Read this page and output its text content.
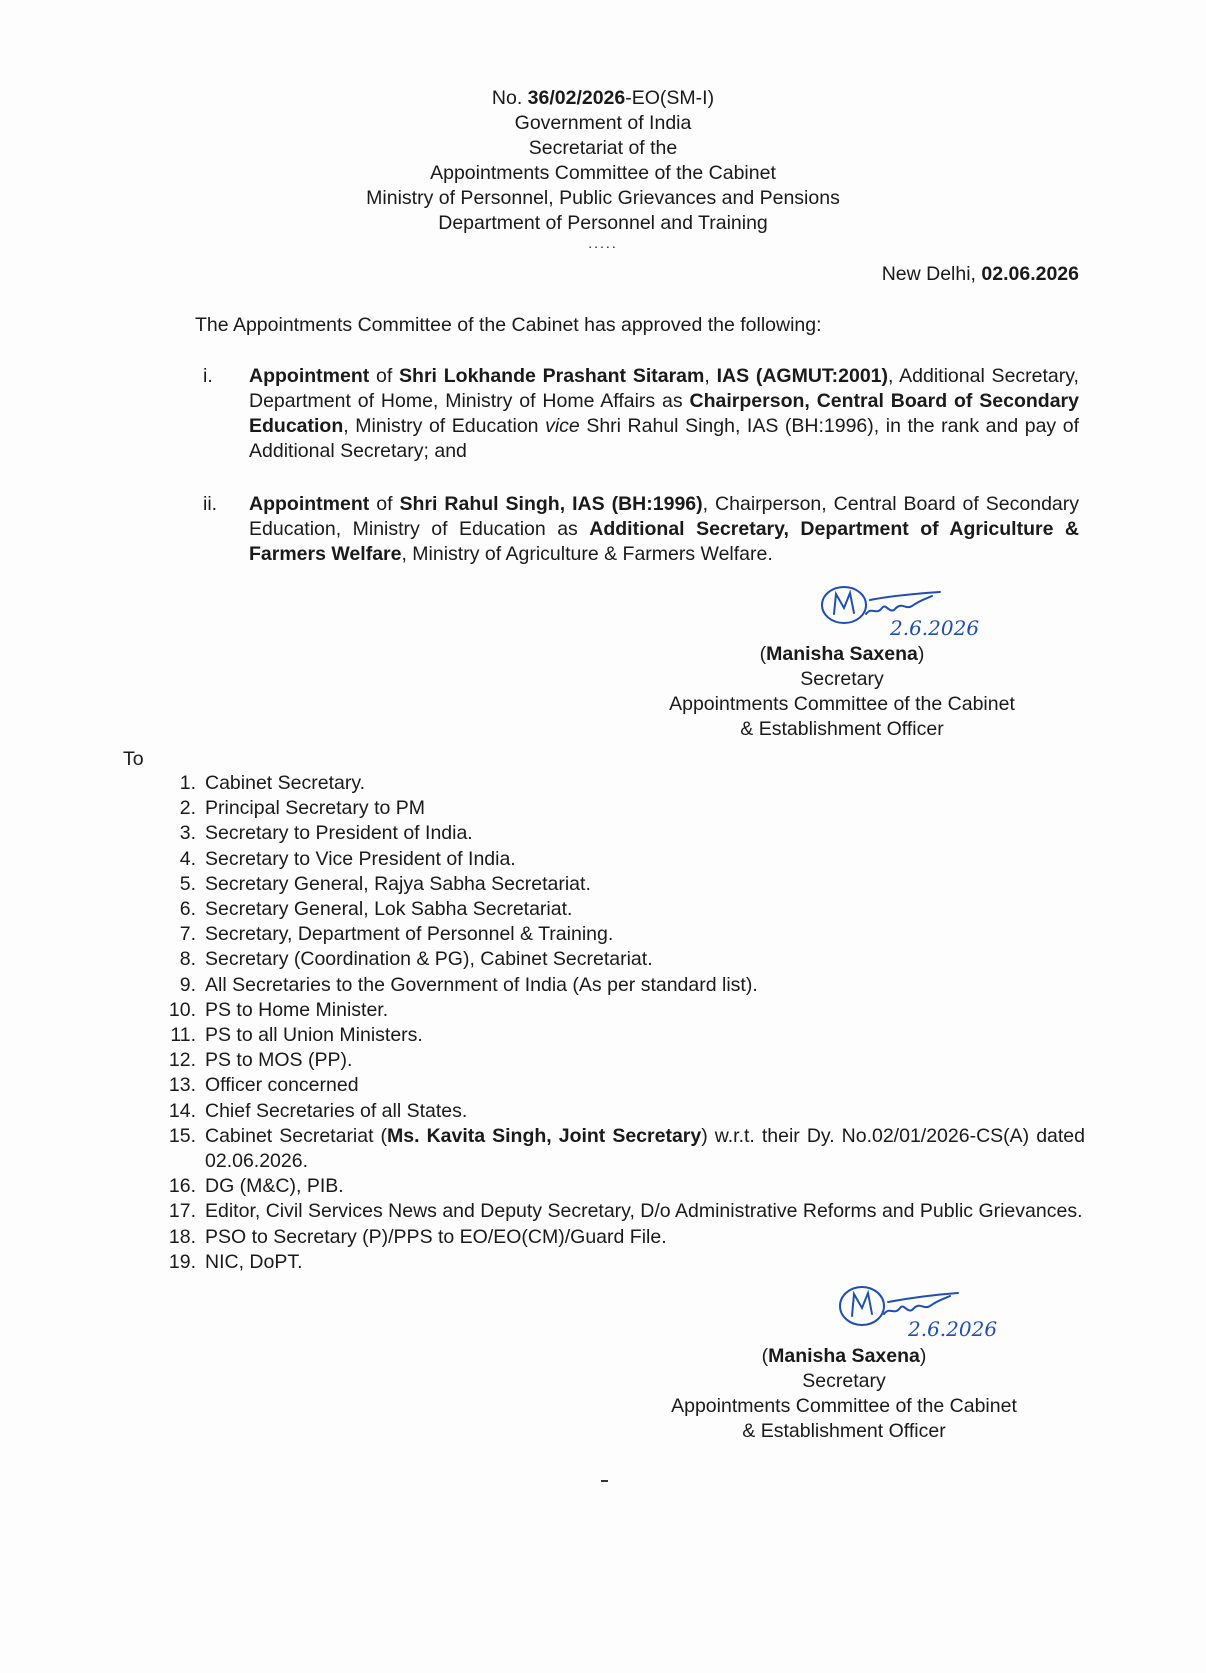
No. 36/02/2026-EO(SM-I)
Government of India
Secretariat of the
Appointments Committee of the Cabinet
Ministry of Personnel, Public Grievances and Pensions
Department of Personnel and Training
.....
New Delhi, 02.06.2026
The Appointments Committee of the Cabinet has approved the following:
i. Appointment of Shri Lokhande Prashant Sitaram, IAS (AGMUT:2001), Additional Secretary, Department of Home, Ministry of Home Affairs as Chairperson, Central Board of Secondary Education, Ministry of Education vice Shri Rahul Singh, IAS (BH:1996), in the rank and pay of Additional Secretary; and
ii. Appointment of Shri Rahul Singh, IAS (BH:1996), Chairperson, Central Board of Secondary Education, Ministry of Education as Additional Secretary, Department of Agriculture & Farmers Welfare, Ministry of Agriculture & Farmers Welfare.
2.6.2026
(Manisha Saxena)
Secretary
Appointments Committee of the Cabinet
& Establishment Officer
To
1. Cabinet Secretary.
2. Principal Secretary to PM
3. Secretary to President of India.
4. Secretary to Vice President of India.
5. Secretary General, Rajya Sabha Secretariat.
6. Secretary General, Lok Sabha Secretariat.
7. Secretary, Department of Personnel & Training.
8. Secretary (Coordination & PG), Cabinet Secretariat.
9. All Secretaries to the Government of India (As per standard list).
10. PS to Home Minister.
11. PS to all Union Ministers.
12. PS to MOS (PP).
13. Officer concerned
14. Chief Secretaries of all States.
15. Cabinet Secretariat (Ms. Kavita Singh, Joint Secretary) w.r.t. their Dy. No.02/01/2026-CS(A) dated 02.06.2026.
16. DG (M&C), PIB.
17. Editor, Civil Services News and Deputy Secretary, D/o Administrative Reforms and Public Grievances.
18. PSO to Secretary (P)/PPS to EO/EO(CM)/Guard File.
19. NIC, DoPT.
2.6.2026
(Manisha Saxena)
Secretary
Appointments Committee of the Cabinet
& Establishment Officer
